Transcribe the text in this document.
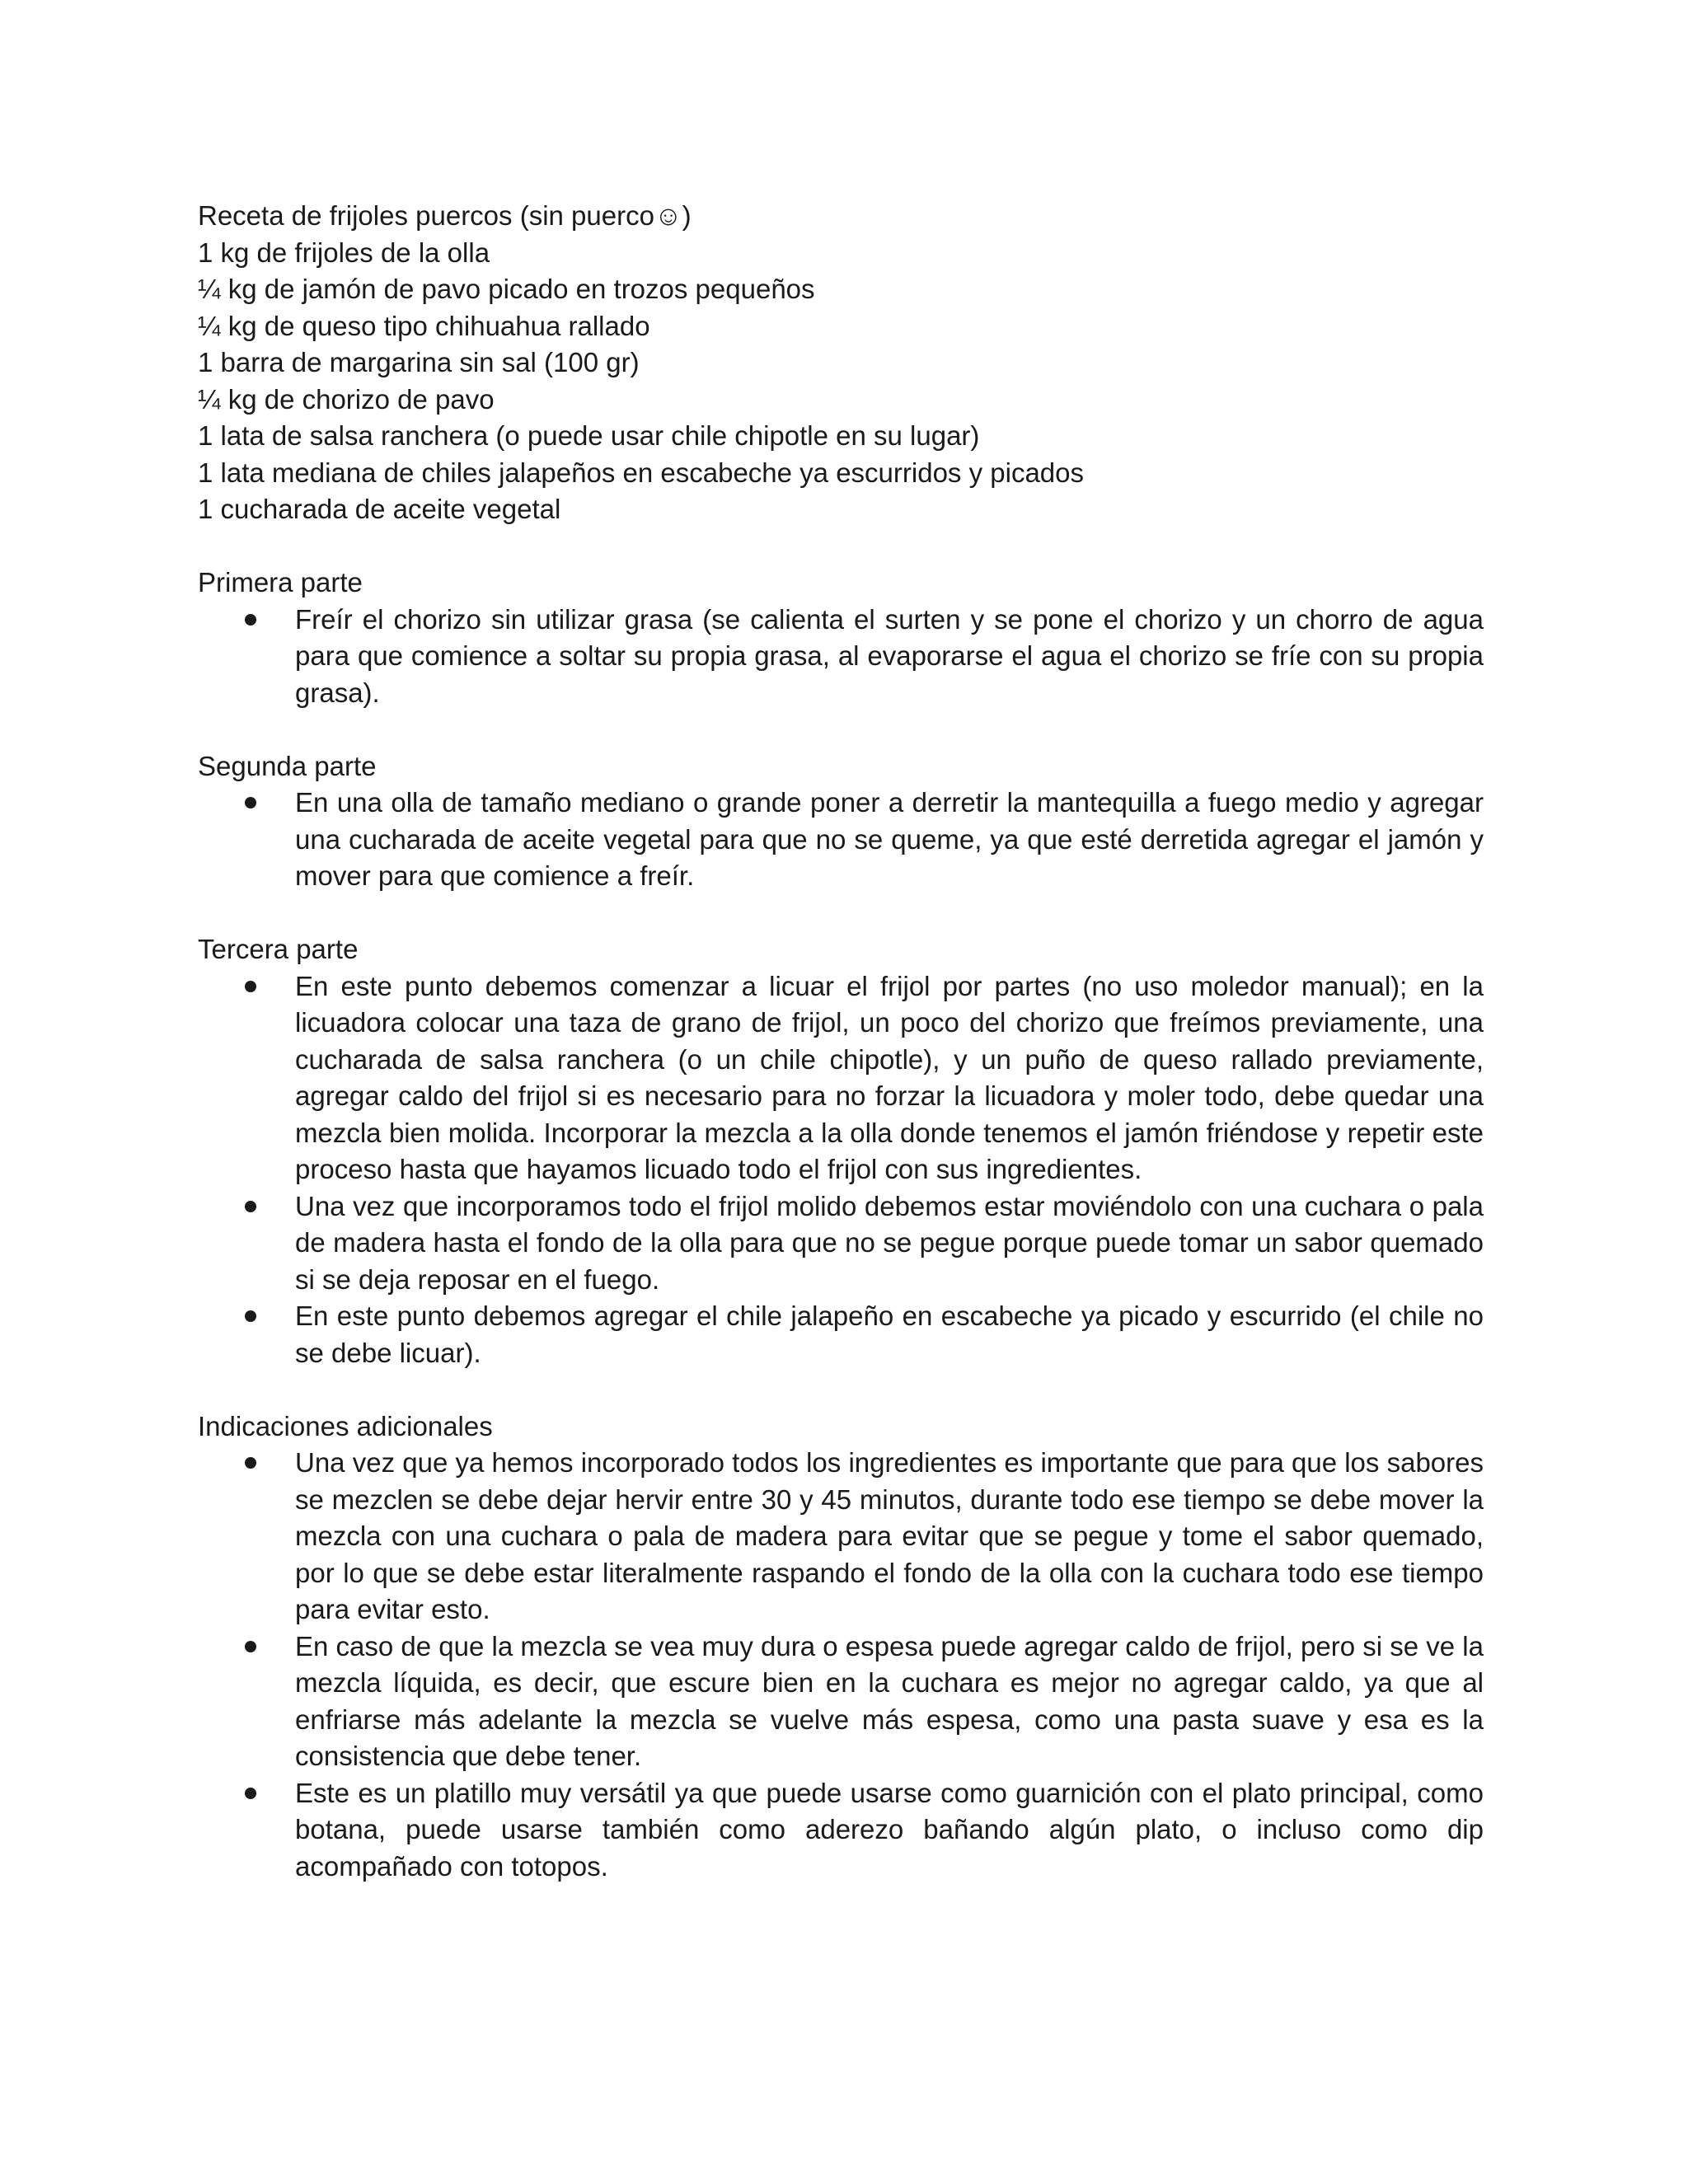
Receta de frijoles puercos (sin puerco☺)
1 kg de frijoles de la olla
¼ kg de jamón de pavo picado en trozos pequeños
¼ kg de queso tipo chihuahua rallado
1 barra de margarina sin sal (100 gr)
¼ kg de chorizo de pavo
1 lata de salsa ranchera (o puede usar chile chipotle en su lugar)
1 lata mediana de chiles jalapeños en escabeche ya escurridos y picados
1 cucharada de aceite vegetal
Primera parte
Freír el chorizo sin utilizar grasa (se calienta el surten y se pone el chorizo y un chorro de agua para que comience a soltar su propia grasa, al evaporarse el agua el chorizo se fríe con su propia grasa).
Segunda parte
En una olla de tamaño mediano o grande poner a derretir la mantequilla a fuego medio y agregar una cucharada de aceite vegetal para que no se queme, ya que esté derretida agregar el jamón y mover para que comience a freír.
Tercera parte
En este punto debemos comenzar a licuar el frijol por partes (no uso moledor manual); en la licuadora colocar una taza de grano de frijol, un poco del chorizo que freímos previamente, una cucharada de salsa ranchera (o un chile chipotle), y un puño de queso rallado previamente, agregar caldo del frijol si es necesario para no forzar la licuadora y moler todo, debe quedar una mezcla bien molida. Incorporar la mezcla a la olla donde tenemos el jamón friéndose y repetir este proceso hasta que hayamos licuado todo el frijol con sus ingredientes.
Una vez que incorporamos todo el frijol molido debemos estar moviéndolo con una cuchara o pala de madera hasta el fondo de la olla para que no se pegue porque puede tomar un sabor quemado si se deja reposar en el fuego.
En este punto debemos agregar el chile jalapeño en escabeche ya picado y escurrido (el chile no se debe licuar).
Indicaciones adicionales
Una vez que ya hemos incorporado todos los ingredientes es importante que para que los sabores se mezclen se debe dejar hervir entre 30 y 45 minutos, durante todo ese tiempo se debe mover la mezcla con una cuchara o pala de madera para evitar que se pegue y tome el sabor quemado, por lo que se debe estar literalmente raspando el fondo de la olla con la cuchara todo ese tiempo para evitar esto.
En caso de que la mezcla se vea muy dura o espesa puede agregar caldo de frijol, pero si se ve la mezcla líquida, es decir, que escure bien en la cuchara es mejor no agregar caldo, ya que al enfriarse más adelante la mezcla se vuelve más espesa, como una pasta suave y esa es la consistencia que debe tener.
Este es un platillo muy versátil ya que puede usarse como guarnición con el plato principal, como botana, puede usarse también como aderezo bañando algún plato, o incluso como dip acompañado con totopos.
